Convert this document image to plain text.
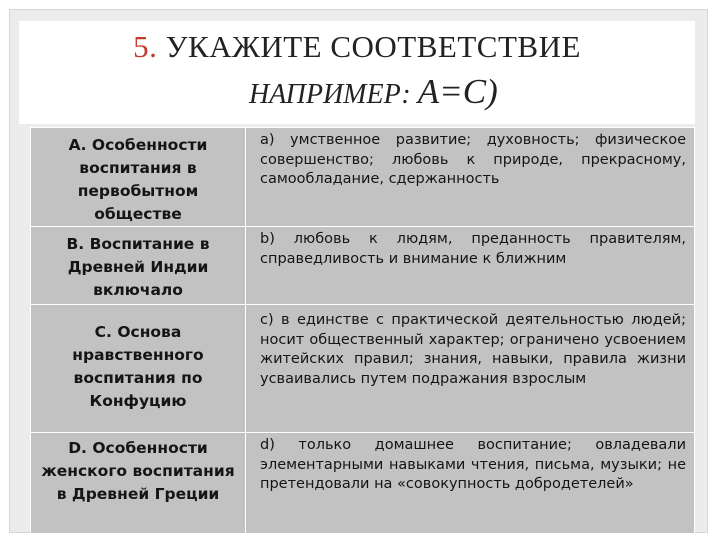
5. УКАЖИТЕ СООТВЕТСТВИЕ
НАПРИМЕР: А=С)
А. Особенности воспитания в первобытном обществе	а) умственное развитие; духовность; физическое совершенство; любовь к природе, прекрасному, самообладание, сдержанность

В. Воспитание в Древней Индии включало	b) любовь к людям, преданность правителям, справедливость и внимание к ближним

С. Основа нравственного воспитания по Конфуцию	c) в единстве с практической деятельностью людей; носит общественный характер; ограничено усвоением житейских правил; знания, навыки, правила жизни усваивались путем подражания взрослым

D. Особенности женского воспитания в Древней Греции	d) только домашнее воспитание; овладевали элементарными навыками чтения, письма, музыки; не претендовали на «совокупность добродетелей»
